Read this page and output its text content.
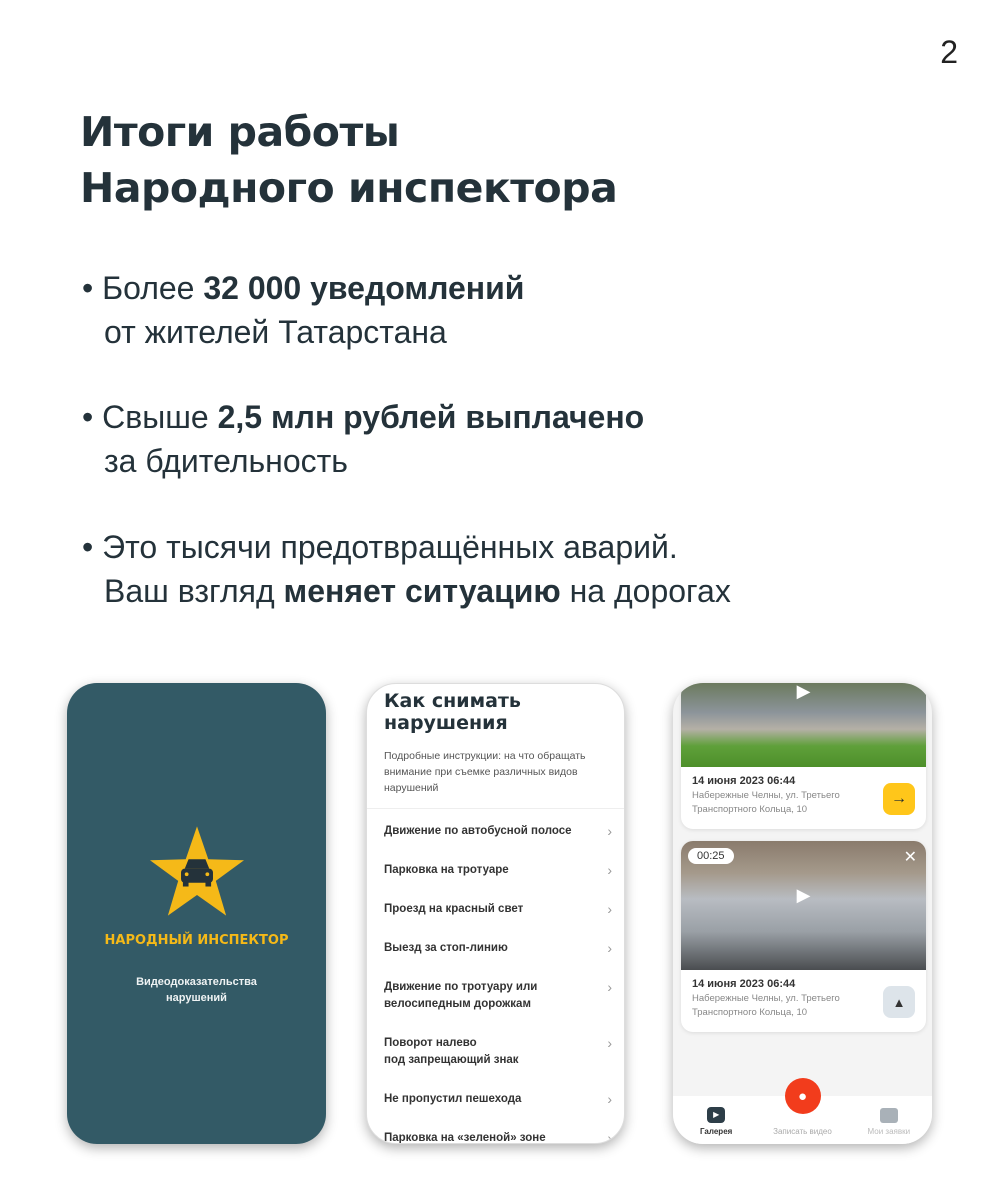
2
Итоги работы
Народного инспектора
• Более 32 000 уведомлений
от жителей Татарстана
• Свыше 2,5 млн рублей выплачено
за бдительность
• Это тысячи предотвращённых аварий.
Ваш взгляд меняет ситуацию на дорогах
НАРОДНЫЙ ИНСПЕКТОР
Видеодоказательства
нарушений
Как снимать
нарушения
Подробные инструкции: на что обращать внимание при съемке различных видов нарушений
Движение по автобусной полосе	›
Парковка на тротуаре	›
Проезд на красный свет	›
Выезд за стоп-линию	›
Движение по тротуару или
велосипедным дорожкам
›
Поворот налево
под запрещающий знак
›
Не пропустил пешехода	›
Парковка на «зеленой» зоне	›
▶
14 июня 2023 06:44
Набережные Челны, ул. Третьего
Транспортного Кольца, 10
→
00:25	✕
▶
14 июня 2023 06:44
Набережные Челны, ул. Третьего
Транспортного Кольца, 10
▲
●
▶
Галерея	Записать видео	Мои заявки
